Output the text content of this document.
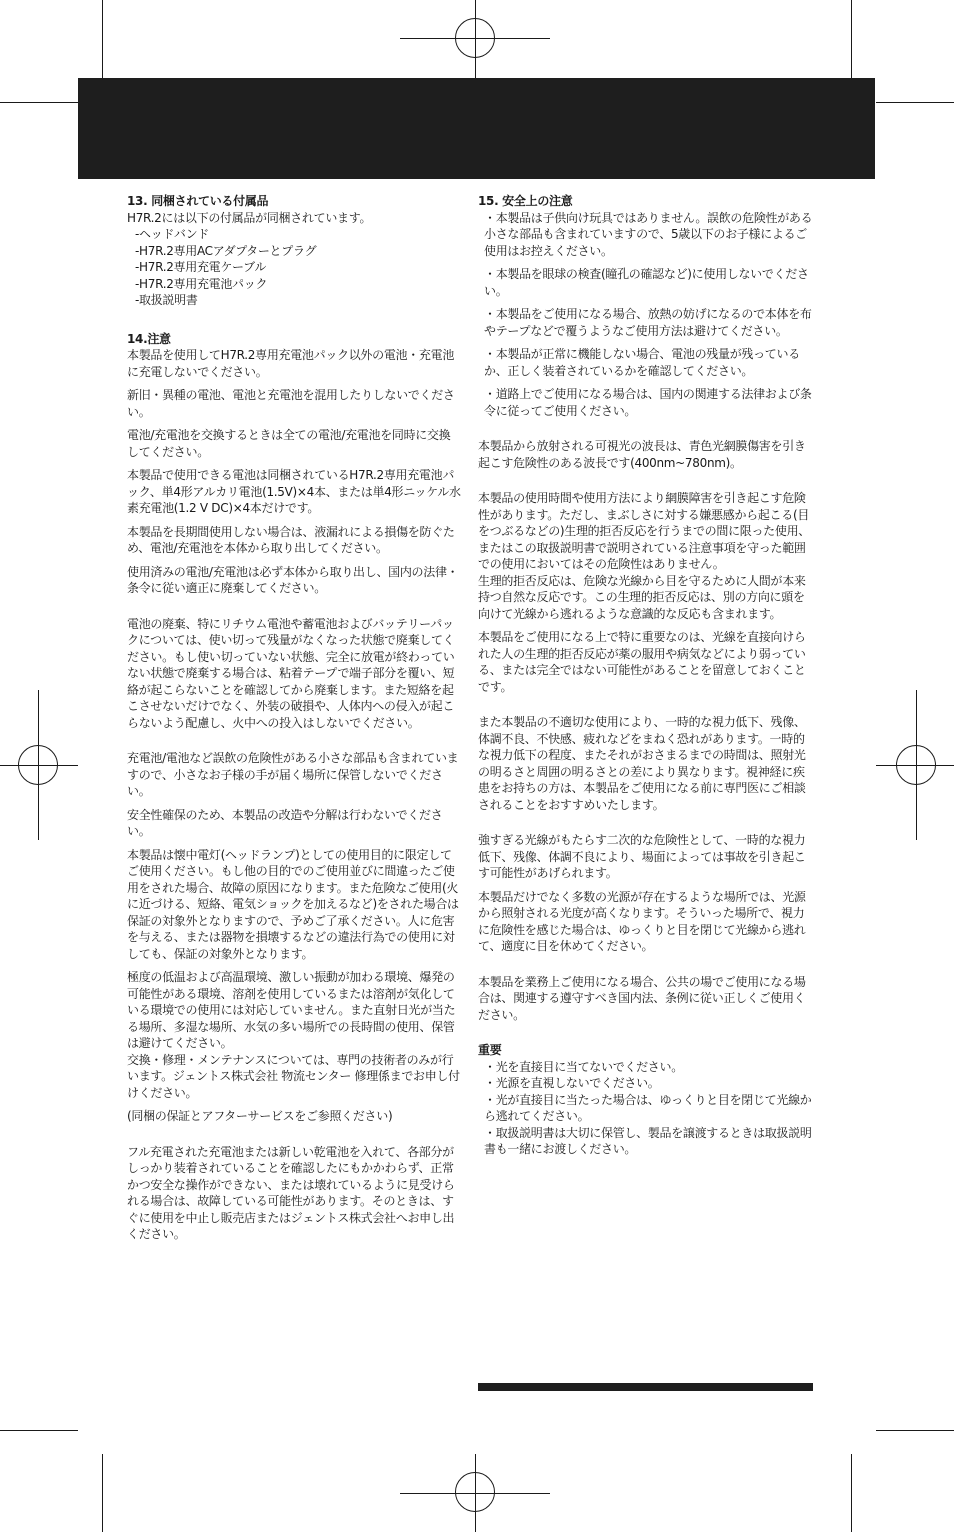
13. 同梱されている付属品

H7R.2には以下の付属品が同梱されています。

-ヘッドバンド

-H7R.2専用ACアダプターとプラグ

-H7R.2専用充電ケーブル

-H7R.2専用充電池パック

-取扱説明書

14.注意

本製品を使用してH7R.2専用充電池パック以外の電池・充電池に充電しないでください。

新旧・異種の電池、電池と充電池を混用したりしないでください。

電池/充電池を交換するときは全ての電池/充電池を同時に交換してください。

本製品で使用できる電池は同梱されているH7R.2専用充電池パック、単4形アルカリ電池(1.5V)×4本、または単4形ニッケル水素充電池(1.2 V DC)×4本だけです。

本製品を長期間使用しない場合は、液漏れによる損傷を防ぐため、電池/充電池を本体から取り出してください。

使用済みの電池/充電池は必ず本体から取り出し、国内の法律・条令に従い適正に廃棄してください。

電池の廃棄、特にリチウム電池や蓄電池およびバッテリーパックについては、使い切って残量がなくなった状態で廃棄してください。もし使い切っていない状態、完全に放電が終わっていない状態で廃棄する場合は、粘着テープで端子部分を覆い、短絡が起こらないことを確認してから廃棄します。また短絡を起こさせないだけでなく、外装の破損や、人体内への侵入が起こらないよう配慮し、火中への投入はしないでください。

充電池/電池など誤飲の危険性がある小さな部品も含まれていますので、小さなお子様の手が届く場所に保管しないでください。

安全性確保のため、本製品の改造や分解は行わないでください。

本製品は懐中電灯(ヘッドランプ)としての使用目的に限定してご使用ください。もし他の目的でのご使用並びに間違ったご使用をされた場合、故障の原因になります。また危険なご使用(火に近づける、短絡、電気ショックを加えるなど)をされた場合は保証の対象外となりますので、予めご了承ください。人に危害を与える、または器物を損壊するなどの違法行為での使用に対しても、保証の対象外となります。

極度の低温および高温環境、激しい振動が加わる環境、爆発の可能性がある環境、溶剤を使用しているまたは溶剤が気化している環境での使用には対応していません。また直射日光が当たる場所、多湿な場所、水気の多い場所での長時間の使用、保管は避けてください。

交換・修理・メンテナンスについては、専門の技術者のみが行います。ジェントス株式会社 物流センター 修理係までお申し付けください。

(同梱の保証とアフターサービスをご参照ください)

フル充電された充電池または新しい乾電池を入れて、各部分がしっかり装着されていることを確認したにもかかわらず、正常かつ安全な操作ができない、または壊れているように見受けられる場合は、故障している可能性があります。そのときは、すぐに使用を中止し販売店またはジェントス株式会社へお申し出ください。

15. 安全上の注意

・本製品は子供向け玩具ではありません。誤飲の危険性がある小さな部品も含まれていますので、5歳以下のお子様によるご使用はお控えください。

・本製品を眼球の検査(瞳孔の確認など)に使用しないでください。

・本製品をご使用になる場合、放熱の妨げになるので本体を布やテープなどで覆うようなご使用方法は避けてください。

・本製品が正常に機能しない場合、電池の残量が残っているか、正しく装着されているかを確認してください。

・道路上でご使用になる場合は、国内の関連する法律および条令に従ってご使用ください。

本製品から放射される可視光の波長は、青色光網膜傷害を引き起こす危険性のある波長です(400nm~780nm)。

本製品の使用時間や使用方法により網膜障害を引き起こす危険性があります。ただし、まぶしさに対する嫌悪感から起こる(目をつぶるなどの)生理的拒否反応を行うまでの間に限った使用、またはこの取扱説明書で説明されている注意事項を守った範囲での使用においてはその危険性はありません。

生理的拒否反応は、危険な光線から目を守るために人間が本来持つ自然な反応です。この生理的拒否反応は、別の方向に頭を向けて光線から逃れるような意識的な反応も含まれます。

本製品をご使用になる上で特に重要なのは、光線を直接向けられた人の生理的拒否反応が薬の服用や病気などにより弱っている、または完全ではない可能性があることを留意しておくことです。

また本製品の不適切な使用により、一時的な視力低下、残像、体調不良、不快感、疲れなどをまねく恐れがあります。一時的な視力低下の程度、またそれがおさまるまでの時間は、照射光の明るさと周囲の明るさとの差により異なります。視神経に疾患をお持ちの方は、本製品をご使用になる前に専門医にご相談されることをおすすめいたします。

強すぎる光線がもたらす二次的な危険性として、一時的な視力低下、残像、体調不良により、場面によっては事故を引き起こす可能性があげられます。

本製品だけでなく多数の光源が存在するような場所では、光源から照射される光度が高くなります。そういった場所で、視力に危険性を感じた場合は、ゆっくりと目を閉じて光線から逃れて、適度に目を休めてください。

本製品を業務上ご使用になる場合、公共の場でご使用になる場合は、関連する遵守すべき国内法、条例に従い正しくご使用ください。

重要

・光を直接目に当てないでください。

・光源を直視しないでください。

・光が直接目に当たった場合は、ゆっくりと目を閉じて光線から逃れてください。

・取扱説明書は大切に保管し、製品を譲渡するときは取扱説明書も一緒にお渡しください。
